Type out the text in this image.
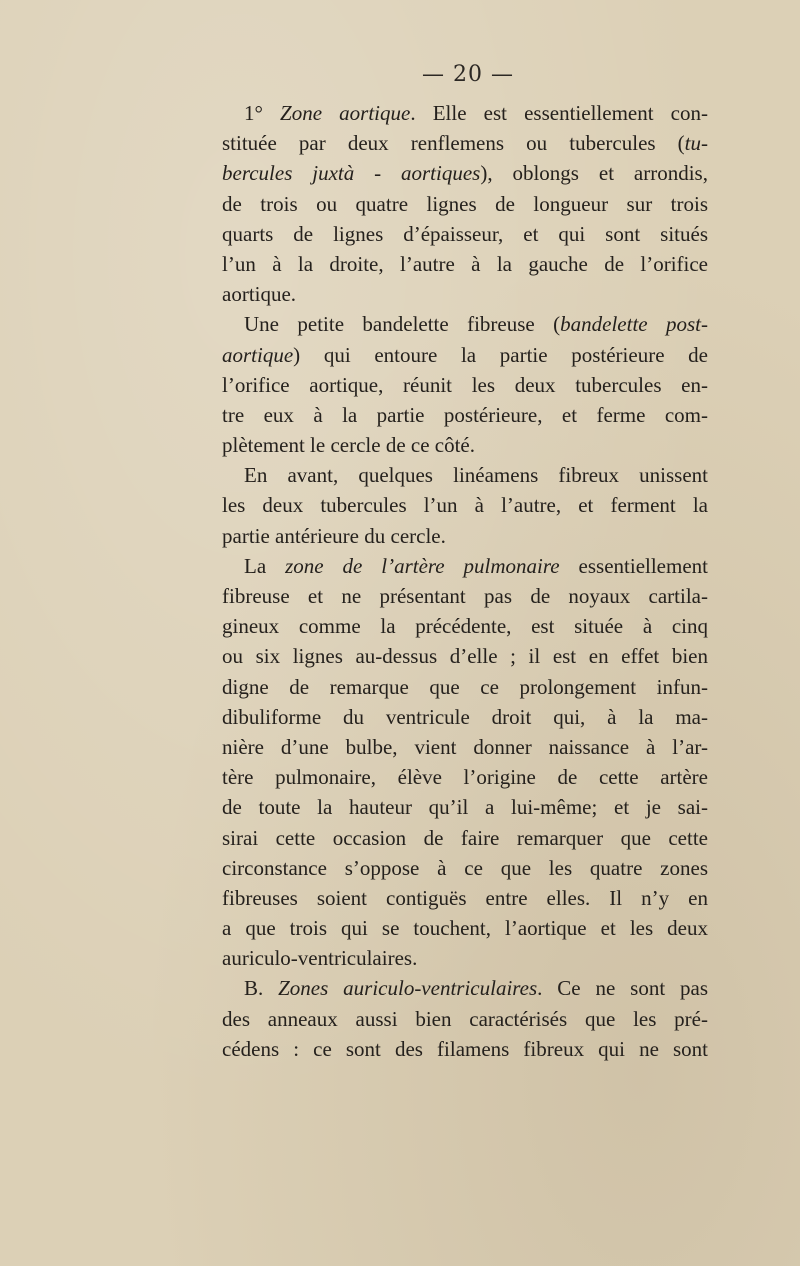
— 20 —
1° Zone aortique. Elle est essentiellement con-
stituée par deux renflemens ou tubercules (tu-
bercules juxtà - aortiques), oblongs et arrondis,
de trois ou quatre lignes de longueur sur trois
quarts de lignes d’épaisseur, et qui sont situés
l’un à la droite, l’autre à la gauche de l’orifice
aortique.
Une petite bandelette fibreuse (bandelette post-
aortique) qui entoure la partie postérieure de
l’orifice aortique, réunit les deux tubercules en-
tre eux à la partie postérieure, et ferme com-
plètement le cercle de ce côté.
En avant, quelques linéamens fibreux unissent
les deux tubercules l’un à l’autre, et ferment la
partie antérieure du cercle.
La zone de l’artère pulmonaire essentiellement
fibreuse et ne présentant pas de noyaux cartila-
gineux comme la précédente, est située à cinq
ou six lignes au-dessus d’elle ; il est en effet bien
digne de remarque que ce prolongement infun-
dibuliforme du ventricule droit qui, à la ma-
nière d’une bulbe, vient donner naissance à l’ar-
tère pulmonaire, élève l’origine de cette artère
de toute la hauteur qu’il a lui-même; et je sai-
sirai cette occasion de faire remarquer que cette
circonstance s’oppose à ce que les quatre zones
fibreuses soient contiguës entre elles. Il n’y en
a que trois qui se touchent, l’aortique et les deux
auriculo-ventriculaires.
B. Zones auriculo-ventriculaires. Ce ne sont pas
des anneaux aussi bien caractérisés que les pré-
cédens : ce sont des filamens fibreux qui ne sont
